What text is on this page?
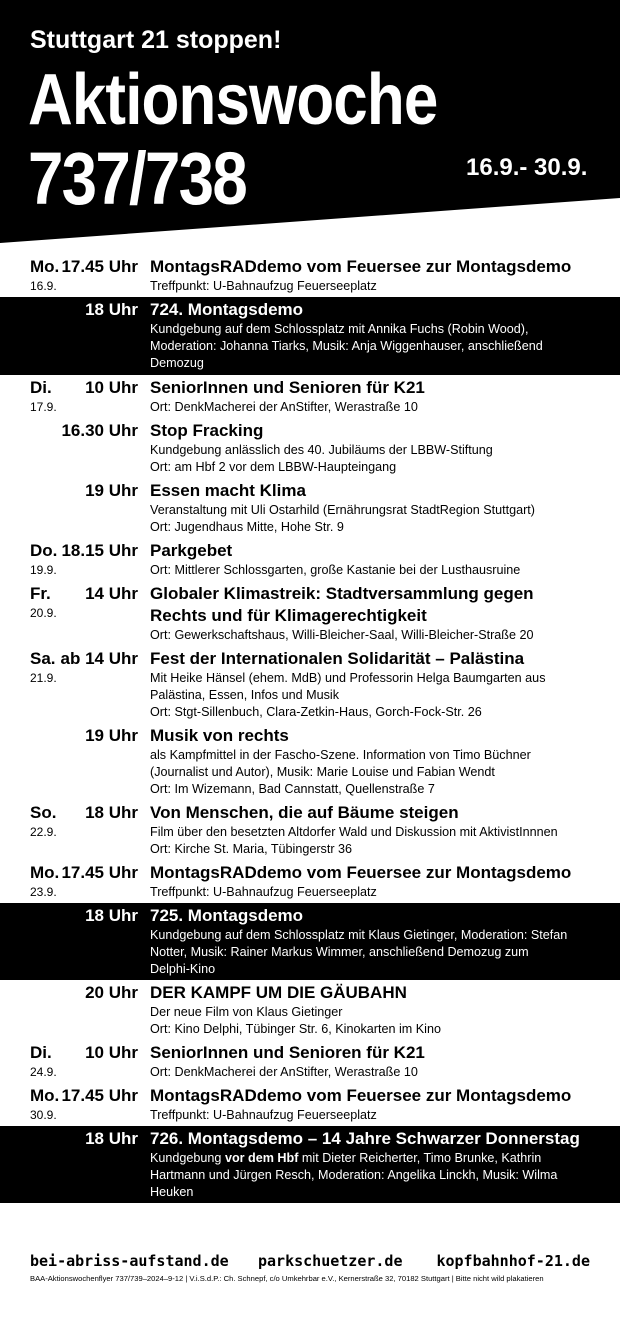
Stuttgart 21 stoppen!
Aktionswoche
737/738	16.9.- 30.9.
Mo. 17.45 Uhr
16.9.
MontagsRADdemo vom Feuersee zur Montagsdemo
Treffpunkt: U-Bahnaufzug Feuerseeplatz
18 Uhr 724. Montagsdemo
Kundgebung auf dem Schlossplatz mit Annika Fuchs (Robin Wood),
Moderation: Johanna Tiarks, Musik: Anja Wiggenhauser, anschließend
Demozug
Di. 10 Uhr
17.9.
SeniorInnen und Senioren für K21
Ort: DenkMacherei der AnStifter, Werastraße 10
16.30 Uhr Stop Fracking
Kundgebung anlässlich des 40. Jubiläums der LBBW-Stiftung
Ort: am Hbf 2 vor dem LBBW-Haupteingang
19 Uhr Essen macht Klima
Veranstaltung mit Uli Ostarhild (Ernährungsrat StadtRegion Stuttgart)
Ort: Jugendhaus Mitte, Hohe Str. 9
Do. 18.15 Uhr
19.9.
Parkgebet
Ort: Mittlerer Schlossgarten, große Kastanie bei der Lusthausruine
Fr. 14 Uhr
20.9.
Globaler Klimastreik: Stadtversammlung gegen
Rechts und für Klimagerechtigkeit
Ort: Gewerkschaftshaus, Willi-Bleicher-Saal, Willi-Bleicher-Straße 20
Sa. ab 14 Uhr
21.9.
Fest der Internationalen Solidarität – Palästina
Mit Heike Hänsel (ehem. MdB) und Professorin Helga Baumgarten aus
Palästina, Essen, Infos und Musik
Ort: Stgt-Sillenbuch, Clara-Zetkin-Haus, Gorch-Fock-Str. 26
19 Uhr Musik von rechts
als Kampfmittel in der Fascho-Szene. Information von Timo Büchner
(Journalist und Autor), Musik: Marie Louise und Fabian Wendt
Ort: Im Wizemann, Bad Cannstatt, Quellenstraße 7
So. 18 Uhr
22.9.
Von Menschen, die auf Bäume steigen
Film über den besetzten Altdorfer Wald und Diskussion mit AktivistInnnen
Ort: Kirche St. Maria, Tübingerstr 36
Mo. 17.45 Uhr
23.9.
MontagsRADdemo vom Feuersee zur Montagsdemo
Treffpunkt: U-Bahnaufzug Feuerseeplatz
18 Uhr 725. Montagsdemo
Kundgebung auf dem Schlossplatz mit Klaus Gietinger, Moderation: Stefan
Notter, Musik: Rainer Markus Wimmer, anschließend Demozug zum
Delphi-Kino
20 Uhr DER KAMPF UM DIE GÄUBAHN
Der neue Film von Klaus Gietinger
Ort: Kino Delphi, Tübinger Str. 6, Kinokarten im Kino
Di. 10 Uhr
24.9.
SeniorInnen und Senioren für K21
Ort: DenkMacherei der AnStifter, Werastraße 10
Mo. 17.45 Uhr
30.9.
MontagsRADdemo vom Feuersee zur Montagsdemo
Treffpunkt: U-Bahnaufzug Feuerseeplatz
18 Uhr 726. Montagsdemo – 14 Jahre Schwarzer Donnerstag
Kundgebung vor dem Hbf mit Dieter Reicherter, Timo Brunke, Kathrin
Hartmann und Jürgen Resch, Moderation: Angelika Linckh, Musik: Wilma
Heuken
bei-abriss-aufstand.de parkschuetzer.de kopfbahnhof-21.de
BAA-Aktionswochenflyer 737/739–2024–9-12 | V.i.S.d.P.: Ch. Schnepf, c/o Umkehrbar e.V., Kernerstraße 32, 70182 Stuttgart | Bitte nicht wild plakatieren
